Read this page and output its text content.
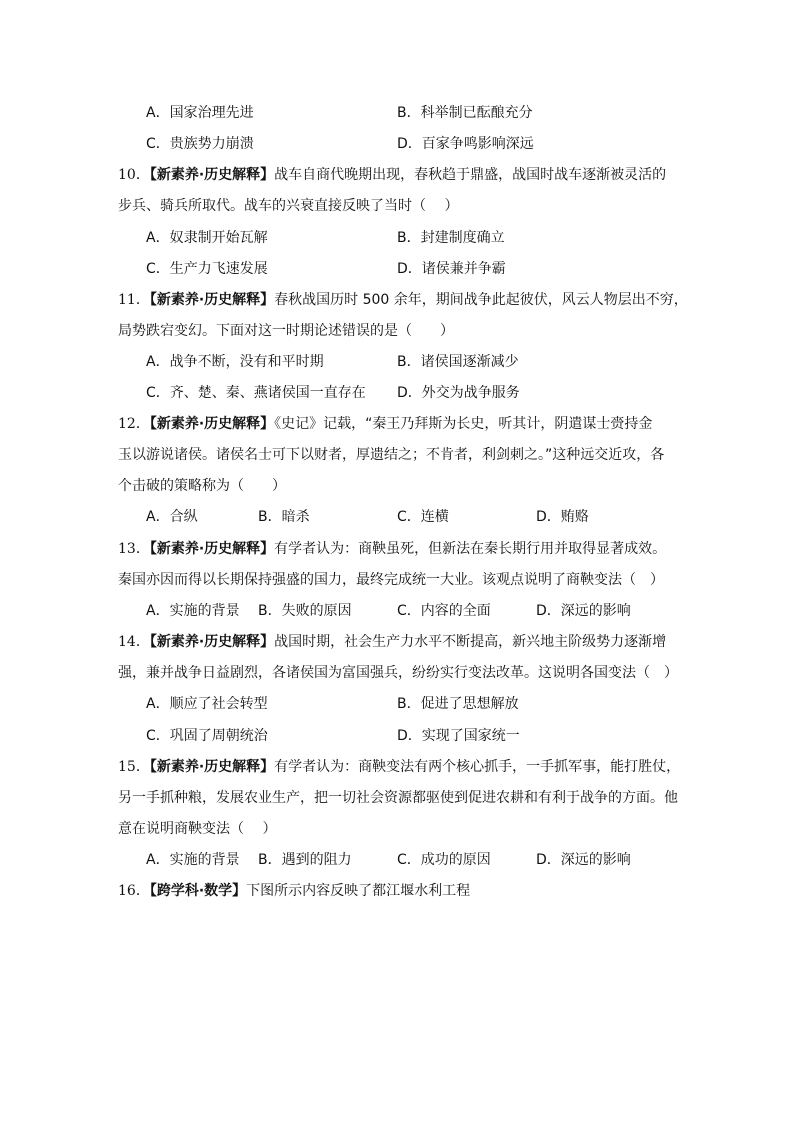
A．国家治理先进	B．科举制已酝酿充分
C．贵族势力崩溃	D．百家争鸣影响深远
10．【新素养·历史解释】战车自商代晚期出现，春秋趋于鼎盛，战国时战车逐渐被灵活的
步兵、骑兵所取代。战车的兴衰直接反映了当时（　 ）
A．奴隶制开始瓦解	B．封建制度确立
C．生产力飞速发展	D．诸侯兼并争霸
11．【新素养·历史解释】春秋战国历时 500 余年，期间战争此起彼伏，风云人物层出不穷，
局势跌宕变幻。下面对这一时期论述错误的是（　　）
A．战争不断，没有和平时期	B．诸侯国逐渐减少
C．齐、楚、秦、燕诸侯国一直存在 D．外交为战争服务
12．【新素养·历史解释】《史记》记载，“秦王乃拜斯为长史，听其计，阴遣谋士赍持金
玉以游说诸侯。诸侯名士可下以财者，厚遗结之；不肯者，利剑刺之。”这种远交近攻，各
个击破的策略称为（　　）
A．合纵	B．暗杀	C．连横	D．贿赂
13．【新素养·历史解释】有学者认为：商鞅虽死，但新法在秦长期行用并取得显著成效。
秦国亦因而得以长期保持强盛的国力，最终完成统一大业。该观点说明了商鞅变法（　）
A．实施的背景 B．失败的原因	C．内容的全面	D．深远的影响
14．【新素养·历史解释】战国时期，社会生产力水平不断提高，新兴地主阶级势力逐渐增
强，兼并战争日益剧烈，各诸侯国为富国强兵，纷纷实行变法改革。这说明各国变法（　）
A．顺应了社会转型	B．促进了思想解放
C．巩固了周朝统治	D．实现了国家统一
15．【新素养·历史解释】有学者认为：商鞅变法有两个核心抓手，一手抓军事，能打胜仗，
另一手抓种粮，发展农业生产，把一切社会资源都驱使到促进农耕和有利于战争的方面。他
意在说明商鞅变法（　 ）
A．实施的背景 B．遇到的阻力	C．成功的原因	D．深远的影响
16．【跨学科·数学】下图所示内容反映了都江堰水利工程
